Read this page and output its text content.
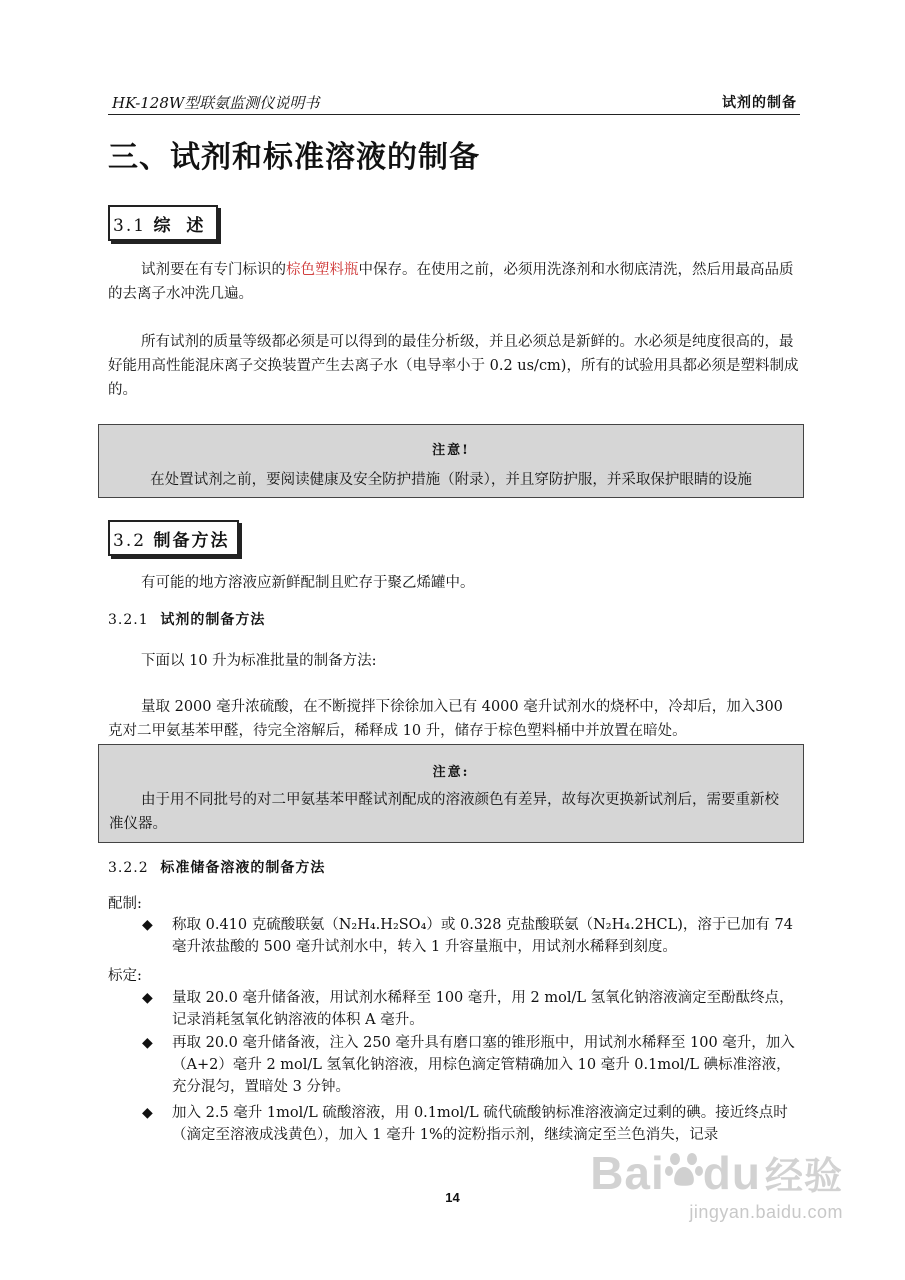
HK-128W型联氨监测仪说明书	试剂的制备
三、试剂和标准溶液的制备
3.1 综 述

试剂要在有专门标识的棕色塑料瓶中保存。在使用之前，必须用洗涤剂和水彻底清洗，然后用最高品质的去离子水冲洗几遍。

所有试剂的质量等级都必须是可以得到的最佳分析级，并且必须总是新鲜的。水必须是纯度很高的，最好能用高性能混床离子交换装置产生去离子水（电导率小于 0.2 us/cm)，所有的试验用具都必须是塑料制成的。

注意!
在处置试剂之前，要阅读健康及安全防护措施（附录），并且穿防护服，并采取保护眼睛的设施
3.2 制备方法

有可能的地方溶液应新鲜配制且贮存于聚乙烯罐中。

3.2.1 试剂的制备方法

下面以 10 升为标准批量的制备方法:

量取 2000 毫升浓硫酸，在不断搅拌下徐徐加入已有 4000 毫升试剂水的烧杯中，冷却后，加入300 克对二甲氨基苯甲醛，待完全溶解后，稀释成 10 升，储存于棕色塑料桶中并放置在暗处。

注意:
由于用不同批号的对二甲氨基苯甲醛试剂配成的溶液颜色有差异，故每次更换新试剂后，需要重新校准仪器。
3.2.2 标准储备溶液的制备方法
配制:
◆ 称取 0.410 克硫酸联氨（N₂H₄.H₂SO₄）或 0.328 克盐酸联氨（N₂H₄.2HCL)，溶于已加有 74 毫升浓盐酸的 500 毫升试剂水中，转入 1 升容量瓶中，用试剂水稀释到刻度。

标定:
◆ 量取 20.0 毫升储备液，用试剂水稀释至 100 毫升，用 2 mol/L 氢氧化钠溶液滴定至酚酞终点，记录消耗氢氧化钠溶液的体积 A 毫升。

◆ 再取 20.0 毫升储备液，注入 250 毫升具有磨口塞的锥形瓶中，用试剂水稀释至 100 毫升，加入（A+2）毫升 2 mol/L 氢氧化钠溶液，用棕色滴定管精确加入 10 毫升 0.1mol/L 碘标准溶液，充分混匀，置暗处 3 分钟。

◆ 加入 2.5 毫升 1mol/L 硫酸溶液，用 0.1mol/L 硫代硫酸钠标准溶液滴定过剩的碘。接近终点时（滴定至溶液成浅黄色），加入 1 毫升 1%的淀粉指示剂，继续滴定至兰色消失，记录

14	Bai du 经验
jingyan.baidu.com
